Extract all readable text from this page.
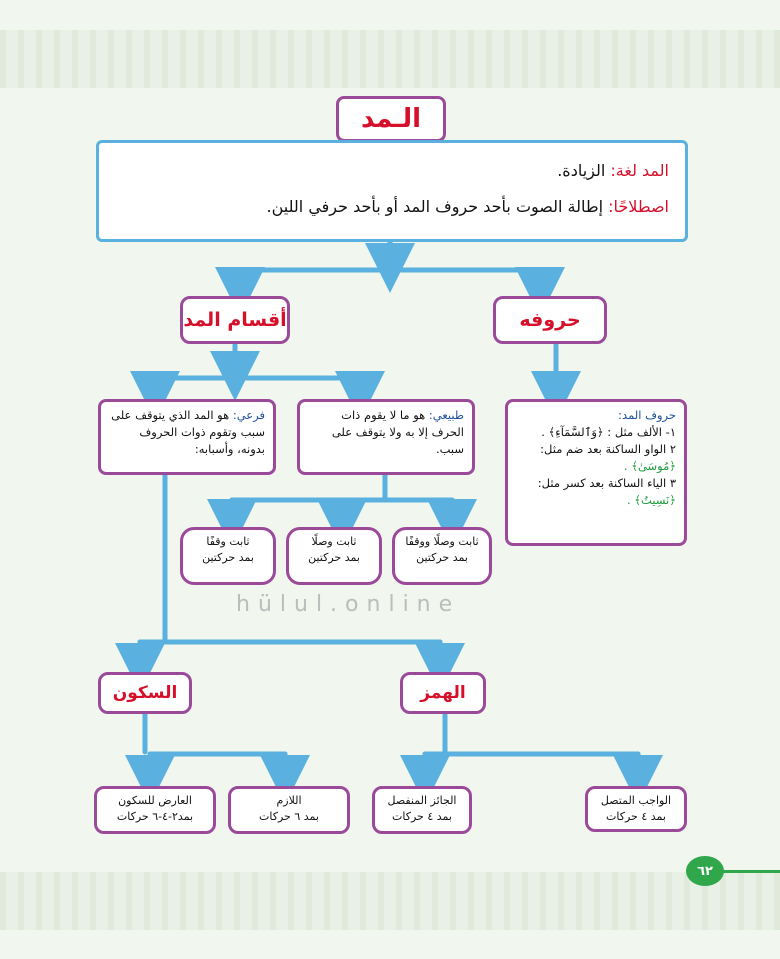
الـمد
المد لغة: الزيادة.
اصطلاحًا: إطالة الصوت بأحد حروف المد أو بأحد حرفي اللين.
حروفه
أقسام المد
حروف المد:
١- الألف مثل : ﴿وَٱلسَّمَآءِ﴾ .
٢ الواو الساكنة بعد ضم مثل:
﴿مُوسَىٰ﴾ .
٣ الياء الساكنة بعد كسر مثل:
﴿نَسِيتُ﴾ .
طبيعي: هو ما لا يقوم ذات الحرف إلا به ولا يتوقف على سبب.
فرعي: هو المد الذي يتوقف على سبب وتقوم ذوات الحروف بدونه، وأسبابه:
ثابت وصلًا ووقفًا
بمد حركتين
ثابت وصلًا
بمد حركتين
ثابت وقفًا
بمد حركتين
الهمز
السكون
الواجب المتصل
بمد ٤ حركات
الجائز المنفصل
بمد ٤ حركات
اللازم
بمد ٦ حركات
العارض للسكون
بمد٢-٤-٦ حركات
hülul.online
٦٢
